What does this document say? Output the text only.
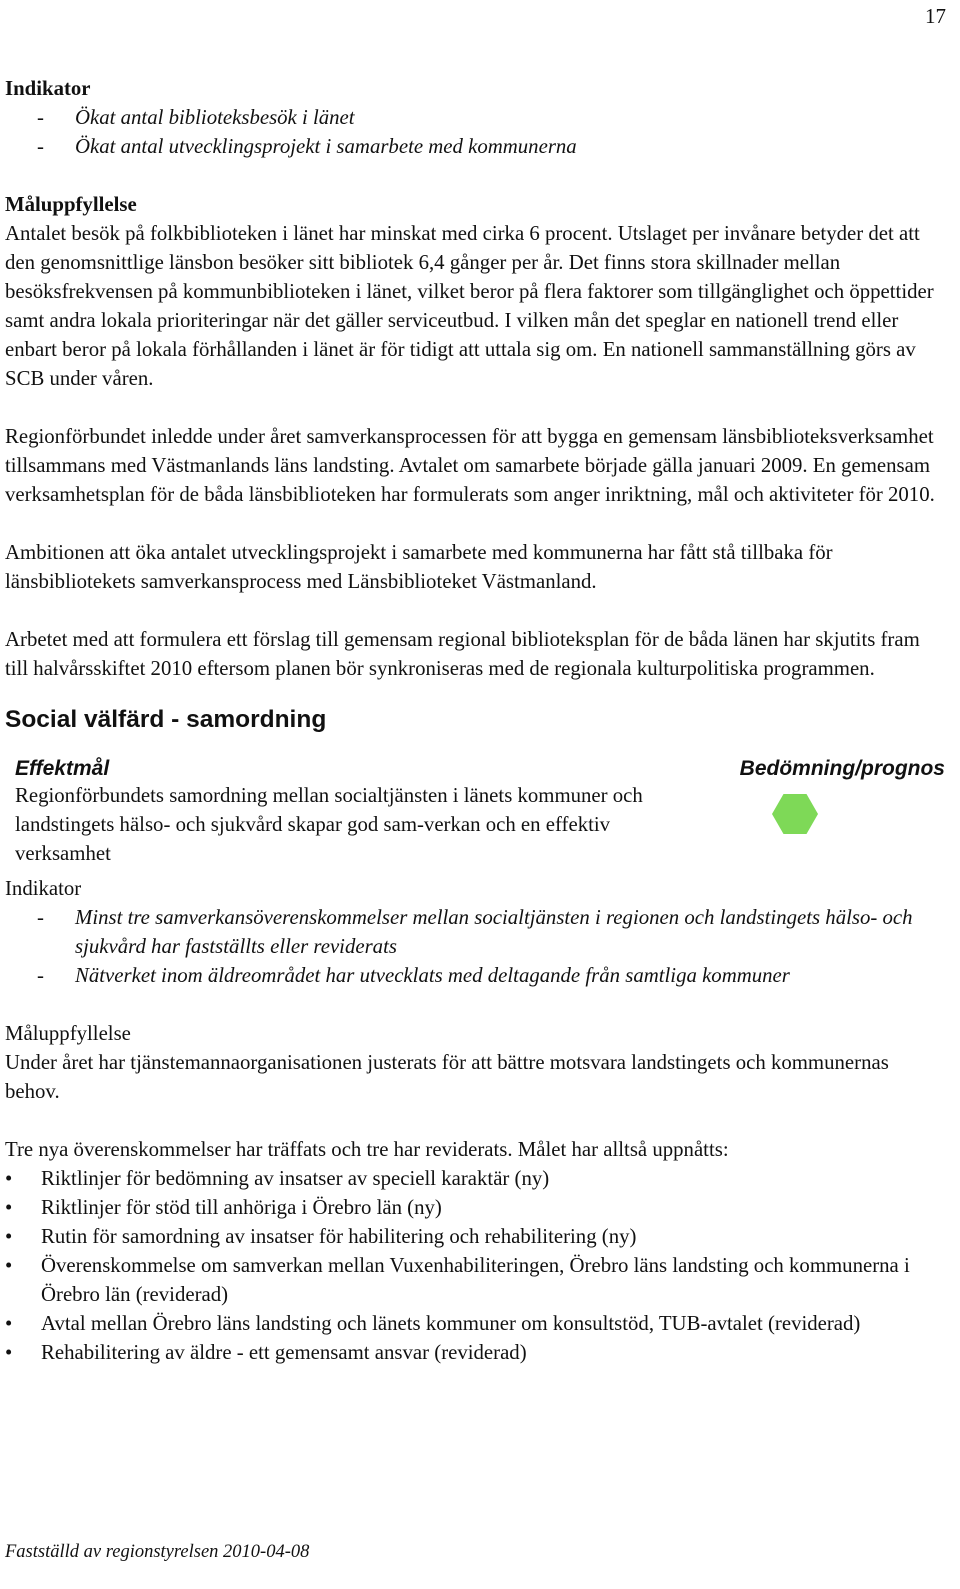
17

Indikator

-	Ökat antal biblioteksbesök i länet
-	Ökat antal utvecklingsprojekt i samarbete med kommunerna

Måluppfyllelse

Antalet besök på folkbiblioteken i länet har minskat med cirka 6 procent. Utslaget per invånare betyder det att den genomsnittlige länsbon besöker sitt bibliotek 6,4 gånger per år. Det finns stora skillnader mellan besöksfrekvensen på kommunbiblioteken i länet, vilket beror på flera faktorer som tillgänglighet och öppettider samt andra lokala prioriteringar när det gäller serviceutbud. I vilken mån det speglar en nationell trend eller enbart beror på lokala förhållanden i länet är för tidigt att uttala sig om. En nationell sammanställning görs av SCB under våren.

Regionförbundet inledde under året samverkansprocessen för att bygga en gemensam länsbiblioteksverksamhet tillsammans med Västmanlands läns landsting. Avtalet om samarbete började gälla januari 2009. En gemensam verksamhetsplan för de båda länsbiblioteken har formulerats som anger inriktning, mål och aktiviteter för 2010.

Ambitionen att öka antalet utvecklingsprojekt i samarbete med kommunerna har fått stå tillbaka för länsbibliotekets samverkansprocess med Länsbiblioteket Västmanland.

Arbetet med att formulera ett förslag till gemensam regional biblioteksplan för de båda länen har skjutits fram till halvårsskiftet 2010 eftersom planen bör synkroniseras med de regionala kulturpolitiska programmen.

Social välfärd - samordning

Effektmål	Bedömning/prognos
Regionförbundets samordning mellan socialtjänsten i länets kommuner och landstingets hälso- och sjukvård skapar god sam-verkan och en effektiv verksamhet

Indikator

-	Minst tre samverkansöverenskommelser mellan socialtjänsten i regionen och landstingets hälso- och sjukvård har fastställts eller reviderats
-	Nätverket inom äldreområdet har utvecklats med deltagande från samtliga kommuner

Måluppfyllelse

Under året har tjänstemannaorganisationen justerats för att bättre motsvara landstingets och kommunernas behov.

Tre nya överenskommelser har träffats och tre har reviderats. Målet har alltså uppnåtts:

•	Riktlinjer för bedömning av insatser av speciell karaktär (ny)
•	Riktlinjer för stöd till anhöriga i Örebro län (ny)
•	Rutin för samordning av insatser för habilitering och rehabilitering (ny)
•	Överenskommelse om samverkan mellan Vuxenhabiliteringen, Örebro läns landsting och kommunerna i Örebro län (reviderad)
•	Avtal mellan Örebro läns landsting och länets kommuner om konsultstöd, TUB-avtalet (reviderad)
•	Rehabilitering av äldre - ett gemensamt ansvar (reviderad)
Fastställd av regionstyrelsen 2010-04-08
